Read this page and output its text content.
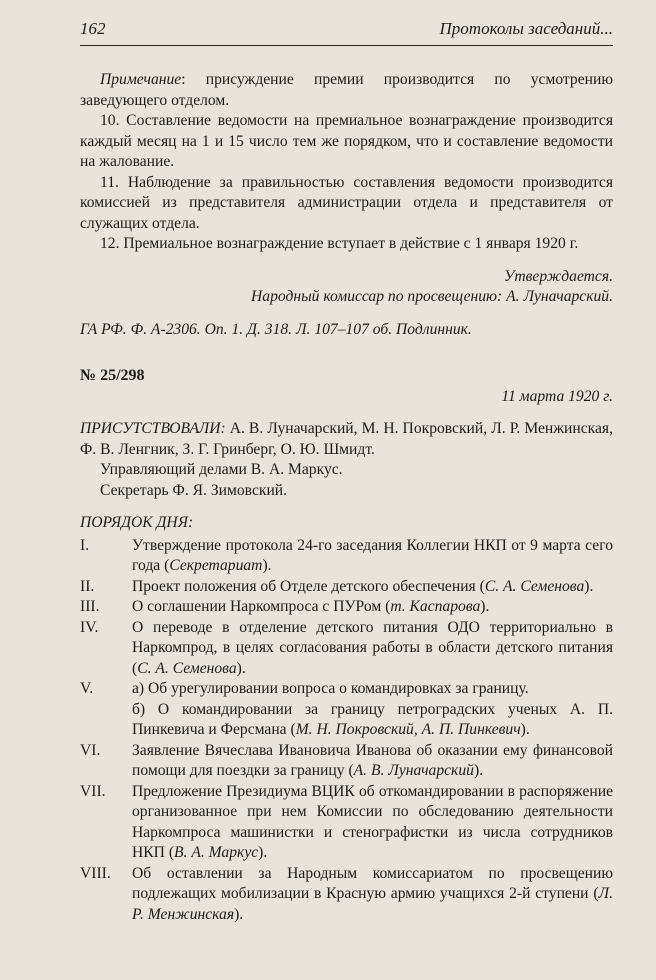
162	Протоколы заседаний...

Примечание: присуждение премии производится по усмотрению заведующего отделом.

10. Составление ведомости на премиальное вознаграждение производится каждый месяц на 1 и 15 число тем же порядком, что и составление ведомости на жалование.

11. Наблюдение за правильностью составления ведомости производится комиссией из представителя администрации отдела и представителя от служащих отдела.

12. Премиальное вознаграждение вступает в действие с 1 января 1920 г.

Утверждается.

Народный комиссар по просвещению: А. Луначарский.

ГА РФ. Ф. А-2306. Оп. 1. Д. 318. Л. 107–107 об. Подлинник.

№ 25/298

11 марта 1920 г.

ПРИСУТСТВОВАЛИ: А. В. Луначарский, М. Н. Покровский, Л. Р. Менжинская, Ф. В. Ленгник, З. Г. Гринберг, О. Ю. Шмидт.

Управляющий делами В. А. Маркус.

Секретарь Ф. Я. Зимовский.

ПОРЯДОК ДНЯ:

I.	Утверждение протокола 24-го заседания Коллегии НКП от 9 марта сего года (Секретариат).
II.	Проект положения об Отделе детского обеспечения (С. А. Семенова).
III.	О соглашении Наркомпроса с ПУРом (т. Каспарова).
IV.	О переводе в отделение детского питания ОДО территориально в Наркомпрод, в целях согласования работы в области детского питания (С. А. Семенова).
V.	а) Об урегулировании вопроса о командировках за границу.
б) О командировании за границу петроградских ученых А. П. Пинкевича и Ферсмана (М. Н. Покровский, А. П. Пинкевич).
VI.	Заявление Вячеслава Ивановича Иванова об оказании ему финансовой помощи для поездки за границу (А. В. Луначарский).
VII.	Предложение Президиума ВЦИК об откомандировании в распоряжение организованное при нем Комиссии по обследованию деятельности Наркомпроса машинистки и стенографистки из числа сотрудников НКП (В. А. Маркус).
VIII.	Об оставлении за Народным комиссариатом по просвещению подлежащих мобилизации в Красную армию учащихся 2-й ступени (Л. Р. Менжинская).
